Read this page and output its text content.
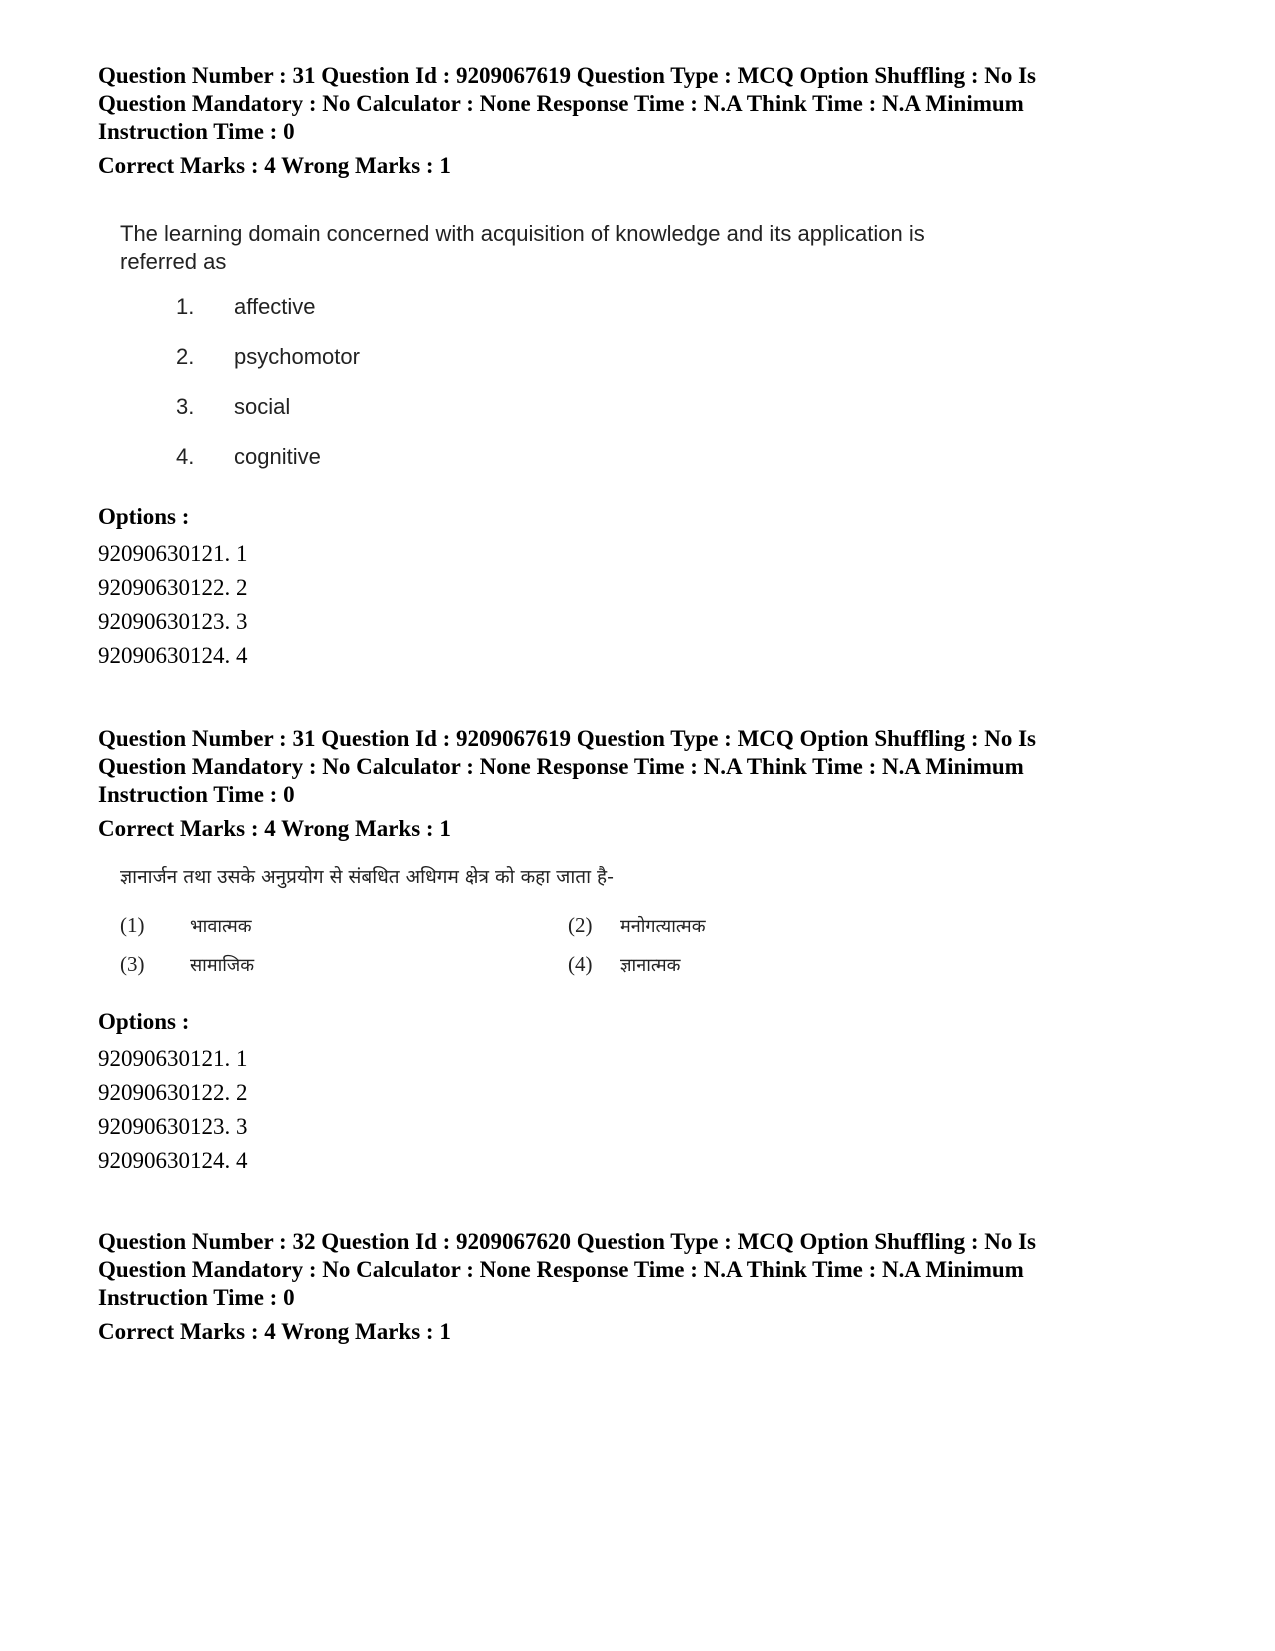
Question Number : 31 Question Id : 9209067619 Question Type : MCQ Option Shuffling : No Is Question Mandatory : No Calculator : None Response Time : N.A Think Time : N.A Minimum Instruction Time : 0

Correct Marks : 4 Wrong Marks : 1

The learning domain concerned with acquisition of knowledge and its application is referred as
1. affective
2. psychomotor
3. social
4. cognitive

Options :

92090630121. 1

92090630122. 2

92090630123. 3

92090630124. 4

Question Number : 31 Question Id : 9209067619 Question Type : MCQ Option Shuffling : No Is Question Mandatory : No Calculator : None Response Time : N.A Think Time : N.A Minimum Instruction Time : 0

Correct Marks : 4 Wrong Marks : 1

ज्ञानार्जन तथा उसके अनुप्रयोग से संबधित अधिगम क्षेत्र को कहा जाता है-
(1)	भावात्मक	(2) मनोगत्यात्मक
(3)	सामाजिक	(4) ज्ञानात्मक

Options :

92090630121. 1

92090630122. 2

92090630123. 3

92090630124. 4

Question Number : 32 Question Id : 9209067620 Question Type : MCQ Option Shuffling : No Is Question Mandatory : No Calculator : None Response Time : N.A Think Time : N.A Minimum Instruction Time : 0

Correct Marks : 4 Wrong Marks : 1
